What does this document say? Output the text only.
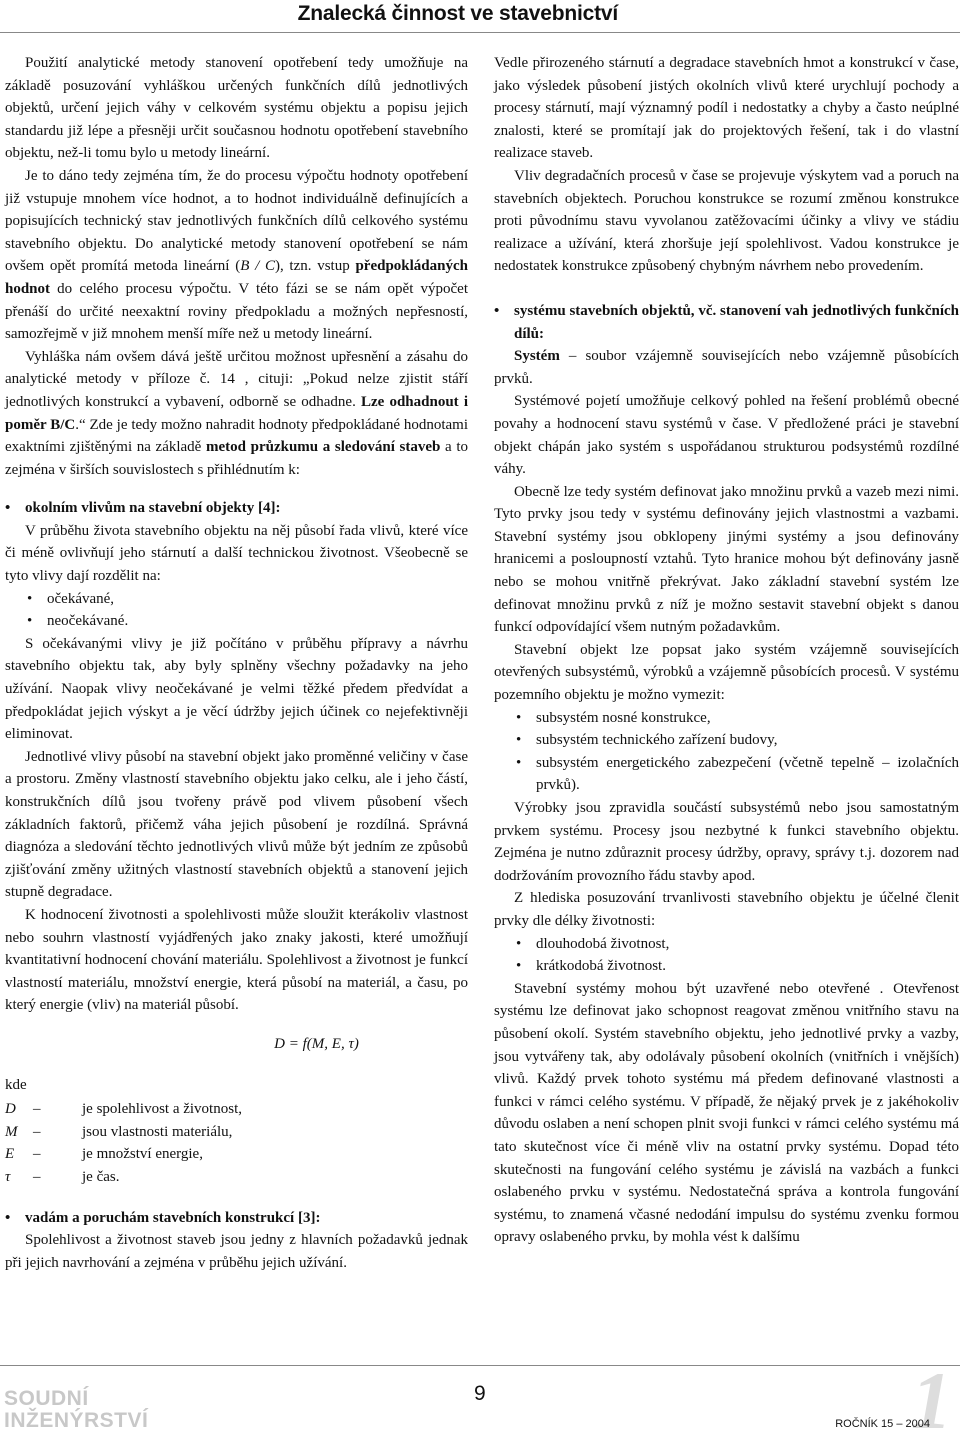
Znalecká činnost ve stavebnictví

Použití analytické metody stanovení opotřebení tedy umožňuje na základě posuzování vyhláškou určených funkčních dílů jednotlivých objektů, určení jejich váhy v celkovém systému objektu a popisu jejich standardu již lépe a přesněji určit současnou hodnotu opotřebení stavebního objektu, než-li tomu bylo u metody lineární.

Je to dáno tedy zejména tím, že do procesu výpočtu hodnoty opotřebení již vstupuje mnohem více hodnot, a to hodnot individuálně definujících a popisujících technický stav jednotlivých funkčních dílů celkového systému stavebního objektu. Do analytické metody stanovení opotřebení se nám ovšem opět promítá metoda lineární (B / C), tzn. vstup předpokládaných hodnot do celého procesu výpočtu. V této fázi se se nám opět výpočet přenáší do určité neexaktní roviny předpokladu a možných nepřesností, samozřejmě v již mnohem menší míře než u metody lineární.

Vyhláška nám ovšem dává ještě určitou možnost upřesnění a zásahu do analytické metody v příloze č. 14 , cituji: „Pokud nelze zjistit stáří jednotlivých konstrukcí a vybavení, odborně se odhadne. Lze odhadnout i poměr B/C.“ Zde je tedy možno nahradit hodnoty předpokládané hodnotami exaktními zjištěnými na základě metod průzkumu a sledování staveb a to zejména v širších souvislostech s přihlédnutím k:

• okolním vlivům na stavební objekty [4]:

V průběhu života stavebního objektu na něj působí řada vlivů, které více či méně ovlivňují jeho stárnutí a další technickou životnost. Všeobecně se tyto vlivy dají rozdělit na:

• očekávané,
• neočekávané.

S očekávanými vlivy je již počítáno v průběhu přípravy a návrhu stavebního objektu tak, aby byly splněny všechny požadavky na jeho užívání. Naopak vlivy neočekávané je velmi těžké předem předvídat a předpokládat jejich výskyt a je věcí údržby jejich účinek co nejefektivněji eliminovat.

Jednotlivé vlivy působí na stavební objekt jako proměnné veličiny v čase a prostoru. Změny vlastností stavebního objektu jako celku, ale i jeho částí, konstrukčních dílů jsou tvořeny právě pod vlivem působení všech základních faktorů, přičemž váha jejich působení je rozdílná. Správná diagnóza a sledování těchto jednotlivých vlivů může být jedním ze způsobů zjišťování změny užitných vlastností stavebních objektů a stanovení jejich stupně degradace.

K hodnocení životnosti a spolehlivosti může sloužit kterákoliv vlastnost nebo souhrn vlastností vyjádřených jako znaky jakosti, které umožňují kvantitativní hodnocení chování materiálu. Spolehlivost a životnost je funkcí vlastností materiálu, množství energie, která působí na materiál, a času, po který energie (vliv) na materiál působí.

D = f(M, E, τ)
kde
D	–	je spolehlivost a životnost,
M	–	jsou vlastnosti materiálu,
E	–	je množství energie,
τ	–	je čas.
• vadám a poruchám stavebních konstrukcí [3]:

Spolehlivost a životnost staveb jsou jedny z hlavních požadavků jednak při jejich navrhování a zejména v průběhu jejich užívání.

Vedle přirozeného stárnutí a degradace stavebních hmot a konstrukcí v čase, jako výsledek působení jistých okolních vlivů které urychlují pochody a procesy stárnutí, mají významný podíl i nedostatky a chyby a často neúplné znalosti, které se promítají jak do projektových řešení, tak i do vlastní realizace staveb.

Vliv degradačních procesů v čase se projevuje výskytem vad a poruch na stavebních objektech. Poruchou konstrukce se rozumí změnou konstrukce proti původnímu stavu vyvolanou zatěžovacími účinky a vlivy ve stádiu realizace a užívání, která zhoršuje její spolehlivost. Vadou konstrukce je nedostatek konstrukce způsobený chybným návrhem nebo provedením.

• systému stavebních objektů, vč. stanovení vah jednotlivých funkčních dílů:

Systém – soubor vzájemně souvisejících nebo vzájemně působících prvků.

Systémové pojetí umožňuje celkový pohled na řešení problémů obecné povahy a hodnocení stavu systémů v čase. V předložené práci je stavební objekt chápán jako systém s uspořádanou strukturou podsystémů rozdílné váhy.

Obecně lze tedy systém definovat jako množinu prvků a vazeb mezi nimi. Tyto prvky jsou tedy v systému definovány jejich vlastnostmi a vazbami. Stavební systémy jsou obklopeny jinými systémy a jsou definovány hranicemi a posloupností vztahů. Tyto hranice mohou být definovány jasně nebo se mohou vnitřně překrývat. Jako základní stavební systém lze definovat množinu prvků z níž je možno sestavit stavební objekt s danou funkcí odpovídající všem nutným požadavkům.

Stavební objekt lze popsat jako systém vzájemně souvisejících otevřených subsystémů, výrobků a vzájemně působících procesů. V systému pozemního objektu je možno vymezit:

• subsystém nosné konstrukce,
• subsystém technického zařízení budovy,
• subsystém energetického zabezpečení (včetně tepelně – izolačních prvků).

Výrobky jsou zpravidla součástí subsystémů nebo jsou samostatným prvkem systému. Procesy jsou nezbytné k funkci stavebního objektu. Zejména je nutno zdůraznit procesy údržby, opravy, správy t.j. dozorem nad dodržováním provozního řádu stavby apod.

Z hlediska posuzování trvanlivosti stavebního objektu je účelné členit prvky dle délky životnosti:

• dlouhodobá životnost,
• krátkodobá životnost.

Stavební systémy mohou být uzavřené nebo otevřené . Otevřenost systému lze definovat jako schopnost reagovat změnou vnitřního stavu na působení okolí. Systém stavebního objektu, jeho jednotlivé prvky a vazby, jsou vytvářeny tak, aby odolávaly působení okolních (vnitřních i vnějších) vlivů. Každý prvek tohoto systému má předem definované vlastnosti a funkci v rámci celého systému. V případě, že nějaký prvek je z jakéhokoliv důvodu oslaben a není schopen plnit svoji funkci v rámci celého systému má tato skutečnost více či méně vliv na ostatní prvky systému. Dopad této skutečnosti na fungování celého systému je závislá na vazbách a funkci oslabeného prvku v systému. Nedostatečná správa a kontrola fungování systému, to znamená včasné nedodání impulsu do systému zvenku formou opravy oslabeného prvku, by mohla vést k dalšímu

SOUDNÍ
INŽENÝRSTVÍ
9	1
ROČNÍK 15 – 2004
